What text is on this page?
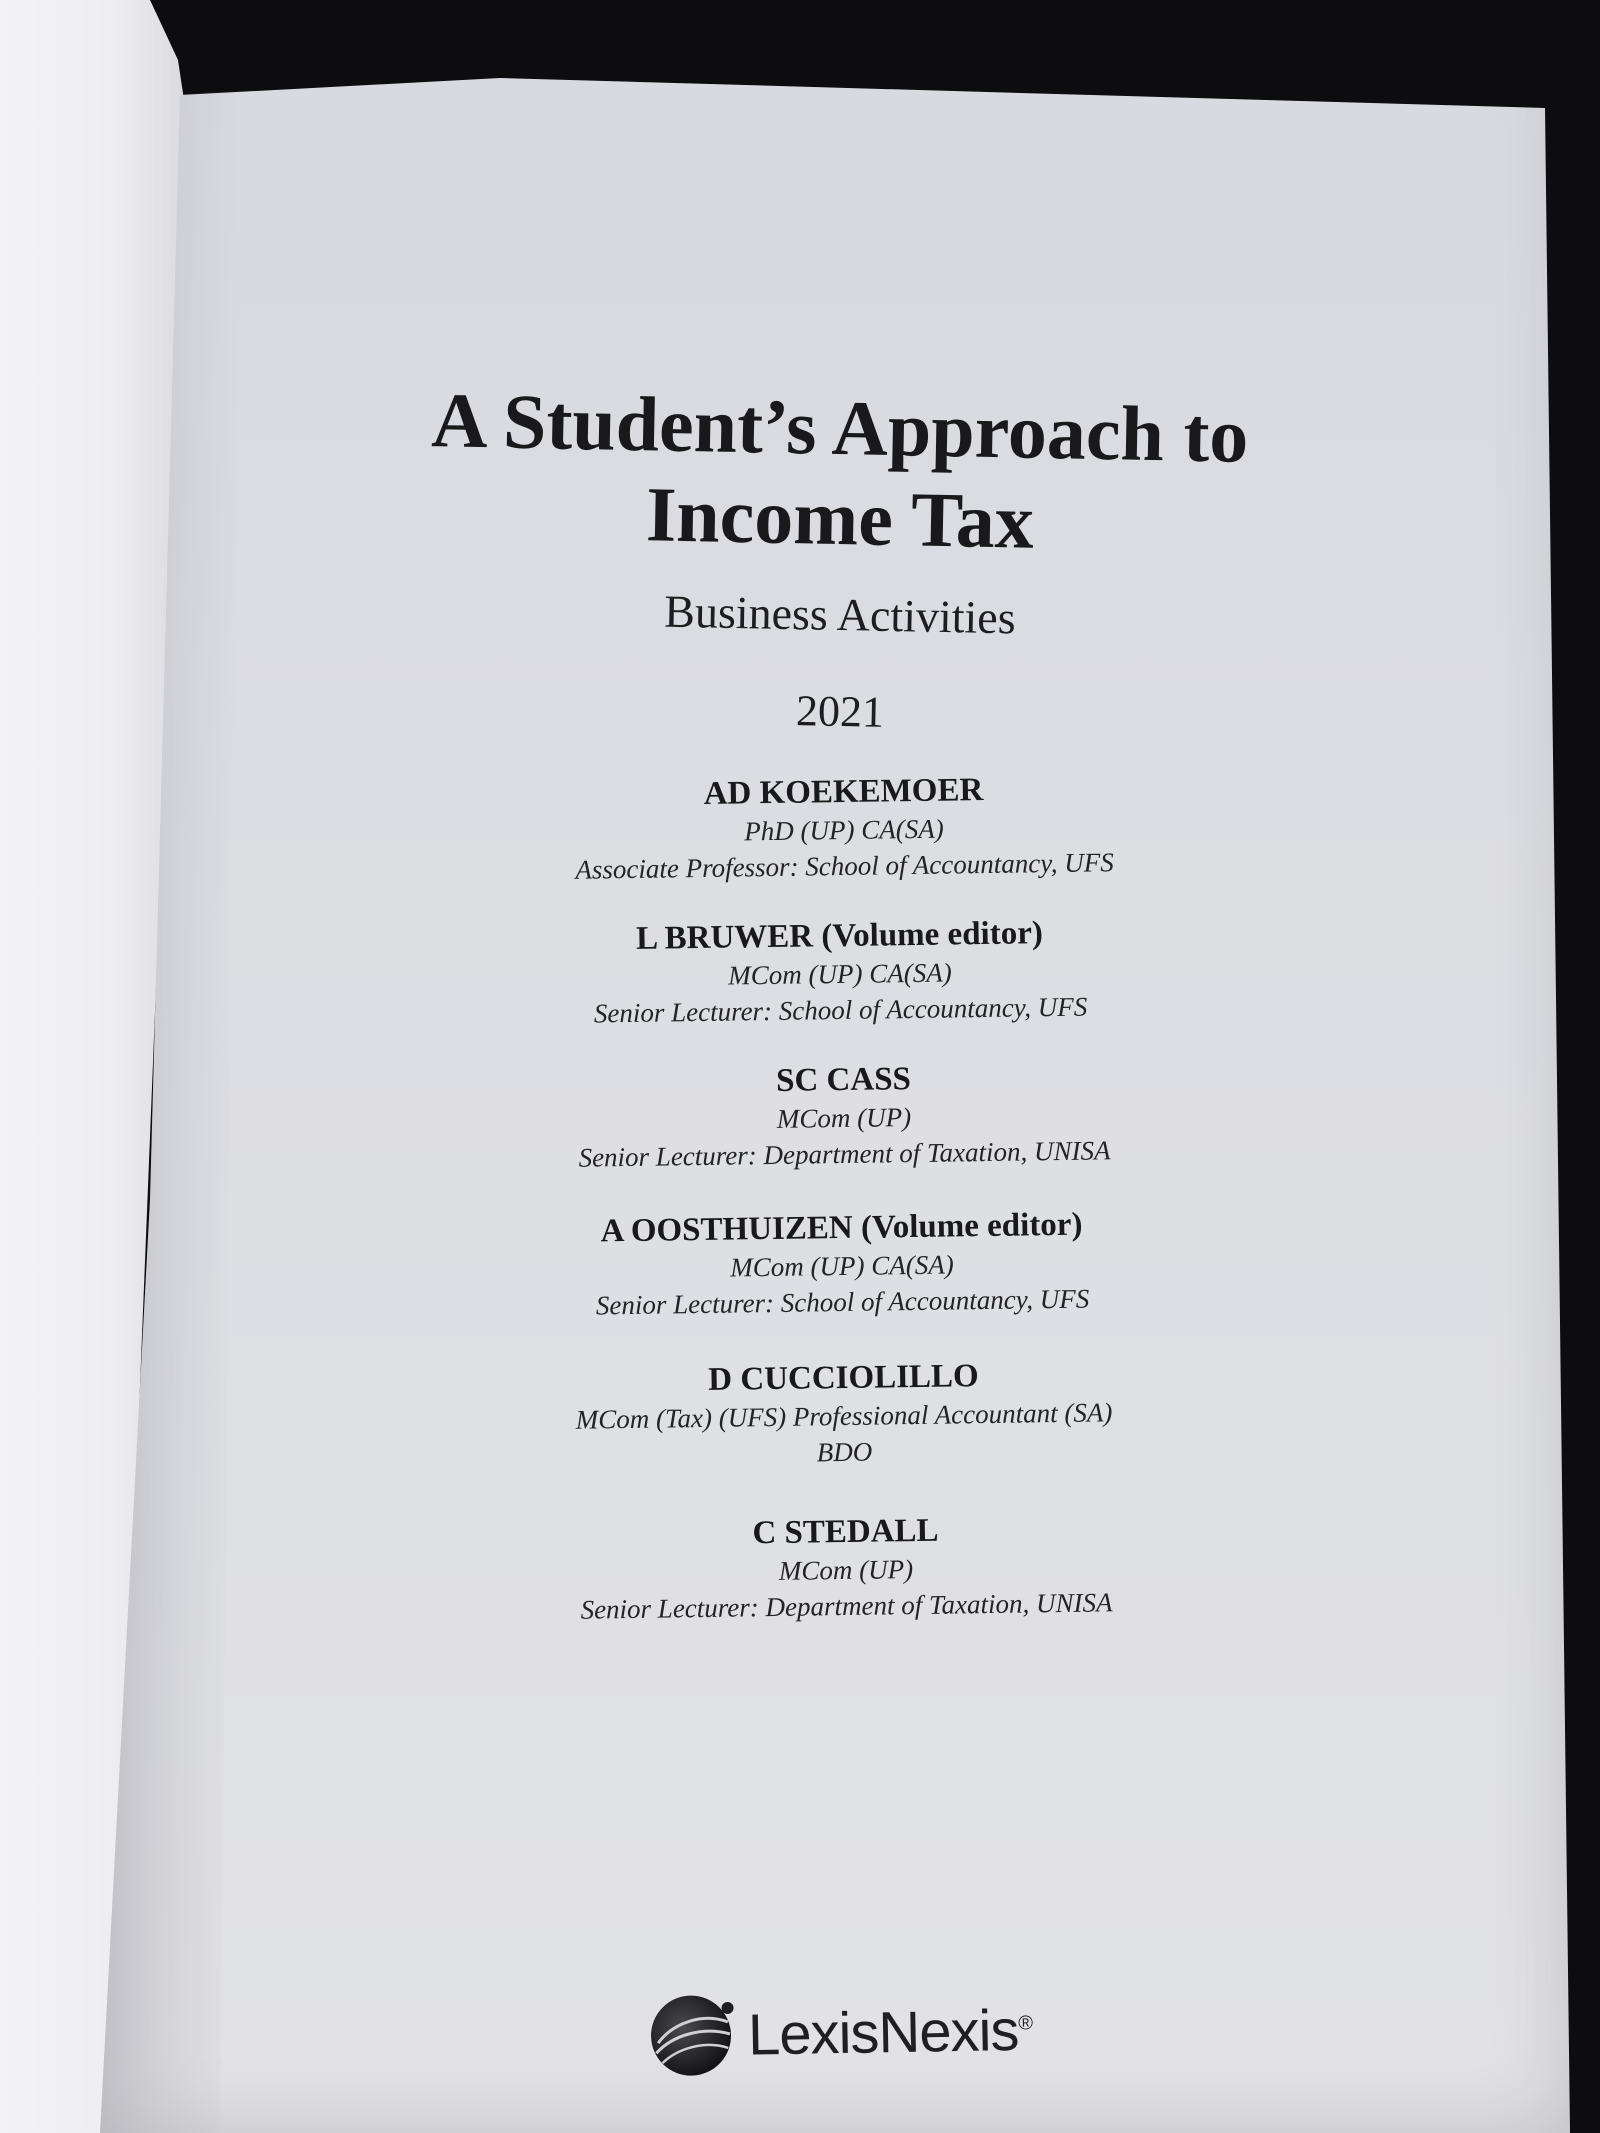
A Student’s Approach to
Income Tax
Business Activities
2021
AD KOEKEMOER
PhD (UP) CA(SA)
Associate Professor: School of Accountancy, UFS
L BRUWER (Volume editor)
MCom (UP) CA(SA)
Senior Lecturer: School of Accountancy, UFS
SC CASS
MCom (UP)
Senior Lecturer: Department of Taxation, UNISA
A OOSTHUIZEN (Volume editor)
MCom (UP) CA(SA)
Senior Lecturer: School of Accountancy, UFS
D CUCCIOLILLO
MCom (Tax) (UFS) Professional Accountant (SA)
BDO
C STEDALL
MCom (UP)
Senior Lecturer: Department of Taxation, UNISA
LexisNexis®
